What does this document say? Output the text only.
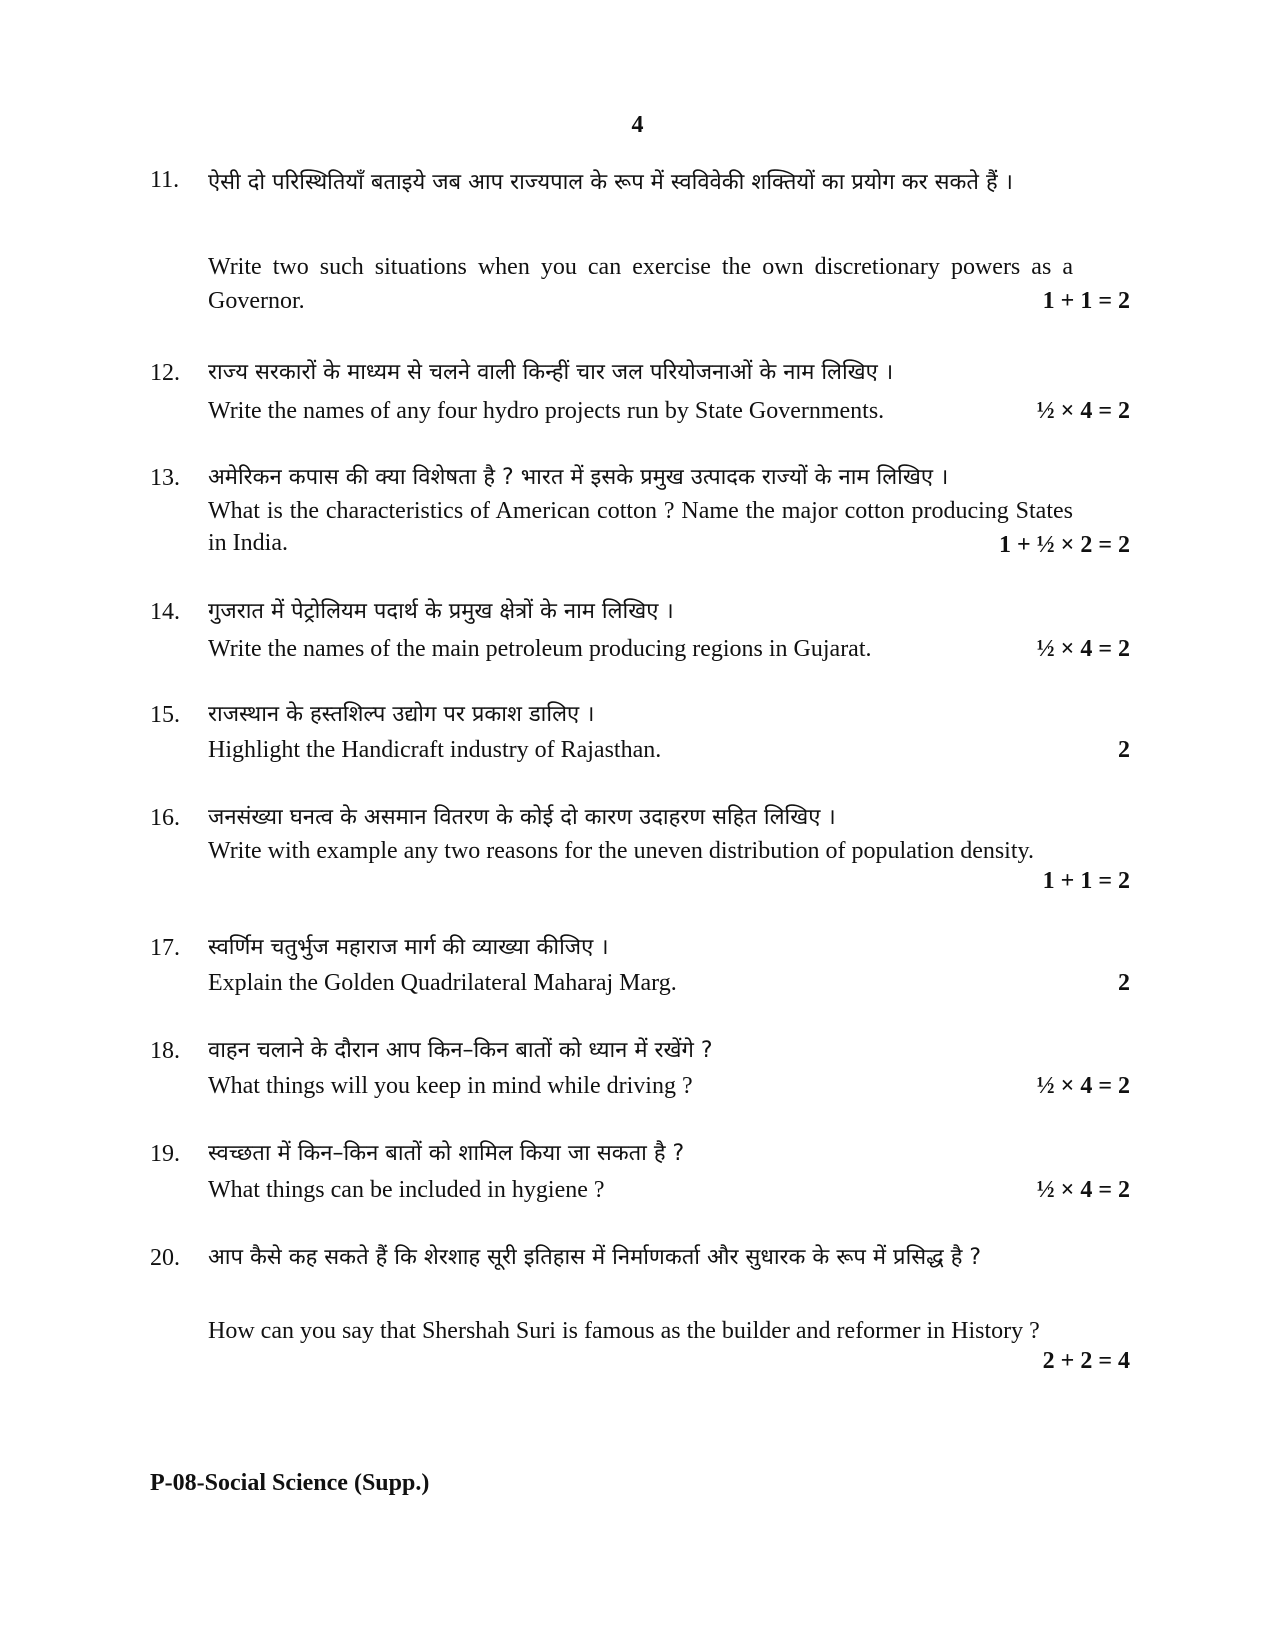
4
11.	ऐसी दो परिस्थितियाँ बताइये जब आप राज्यपाल के रूप में स्वविवेकी शक्तियों का प्रयोग कर सकते हैं ।
Write two such situations when you can exercise the own discretionary powers as a Governor.	1 + 1 = 2
12.	राज्य सरकारों के माध्यम से चलने वाली किन्हीं चार जल परियोजनाओं के नाम लिखिए ।
Write the names of any four hydro projects run by State Governments.	½ × 4 = 2
13.	अमेरिकन कपास की क्या विशेषता है ? भारत में इसके प्रमुख उत्पादक राज्यों के नाम लिखिए ।
What is the characteristics of American cotton ? Name the major cotton producing States in India.	1 + ½ × 2 = 2
14.	गुजरात में पेट्रोलियम पदार्थ के प्रमुख क्षेत्रों के नाम लिखिए ।
Write the names of the main petroleum producing regions in Gujarat.	½ × 4 = 2
15.	राजस्थान के हस्तशिल्प उद्योग पर प्रकाश डालिए ।
Highlight the Handicraft industry of Rajasthan.	2
16.	जनसंख्या घनत्व के असमान वितरण के कोई दो कारण उदाहरण सहित लिखिए ।
Write with example any two reasons for the uneven distribution of population density.
1 + 1 = 2
17.	स्वर्णिम चतुर्भुज महाराज मार्ग की व्याख्या कीजिए ।
Explain the Golden Quadrilateral Maharaj Marg.	2
18.	वाहन चलाने के दौरान आप किन–किन बातों को ध्यान में रखेंगे ?
What things will you keep in mind while driving ?	½ × 4 = 2
19.	स्वच्छता में किन–किन बातों को शामिल किया जा सकता है ?
What things can be included in hygiene ?	½ × 4 = 2
20.	आप कैसे कह सकते हैं कि शेरशाह सूरी इतिहास में निर्माणकर्ता और सुधारक के रूप में प्रसिद्ध है ?
How can you say that Shershah Suri is famous as the builder and reformer in History ?
2 + 2 = 4
P-08-Social Science (Supp.)
